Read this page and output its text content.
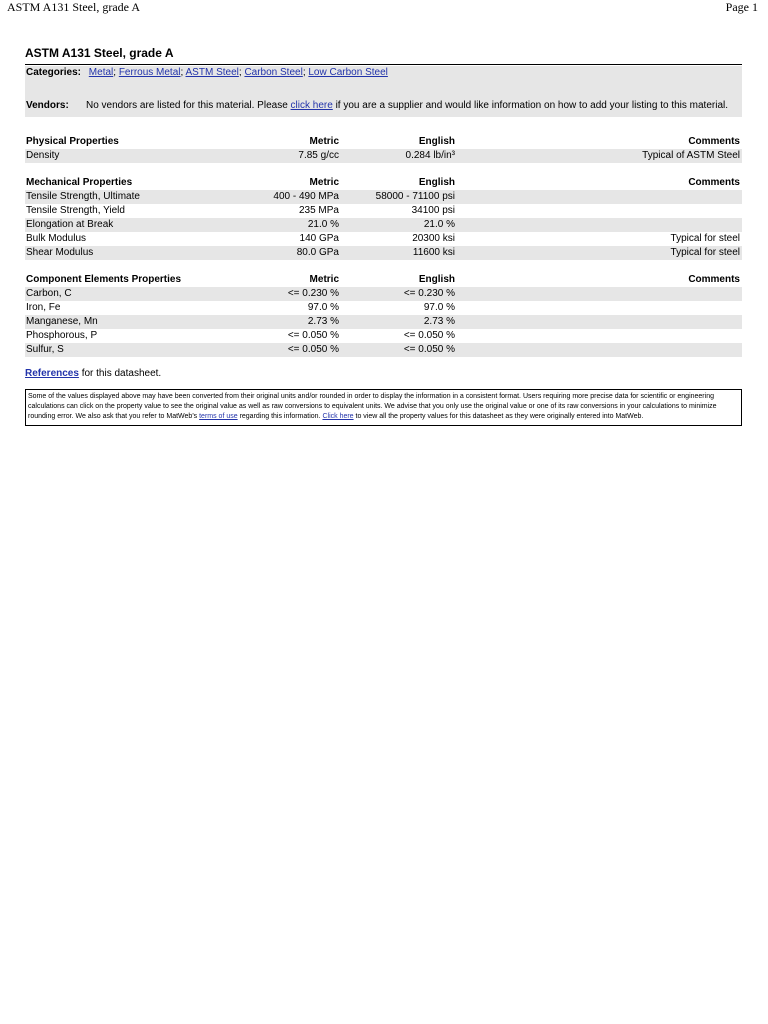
ASTM A131 Steel, grade A	Page 1
ASTM A131 Steel, grade A
Categories: Metal; Ferrous Metal; ASTM Steel; Carbon Steel; Low Carbon Steel
Vendors: No vendors are listed for this material. Please click here if you are a supplier and would like information on how to add your listing to this material.
Physical Properties	Metric	English	Comments
Density	7.85 g/cc	0.284 lb/in³	Typical of ASTM Steel

Mechanical Properties	Metric	English	Comments
Tensile Strength, Ultimate	400 - 490 MPa	58000 - 71100 psi	
Tensile Strength, Yield	235 MPa	34100 psi	
Elongation at Break	21.0 %	21.0 %	
Bulk Modulus	140 GPa	20300 ksi	Typical for steel
Shear Modulus	80.0 GPa	11600 ksi	Typical for steel

Component Elements Properties	Metric	English	Comments
Carbon, C	<= 0.230 %	<= 0.230 %	
Iron, Fe	97.0 %	97.0 %	
Manganese, Mn	2.73 %	2.73 %	
Phosphorous, P	<= 0.050 %	<= 0.050 %	
Sulfur, S	<= 0.050 %	<= 0.050 %	
References for this datasheet.
Some of the values displayed above may have been converted from their original units and/or rounded in order to display the information in a consistent format. Users requiring more precise data for scientific or engineering calculations can click on the property value to see the original value as well as raw conversions to equivalent units. We advise that you only use the original value or one of its raw conversions in your calculations to minimize rounding error. We also ask that you refer to MatWeb's terms of use regarding this information. Click here to view all the property values for this datasheet as they were originally entered into MatWeb.
